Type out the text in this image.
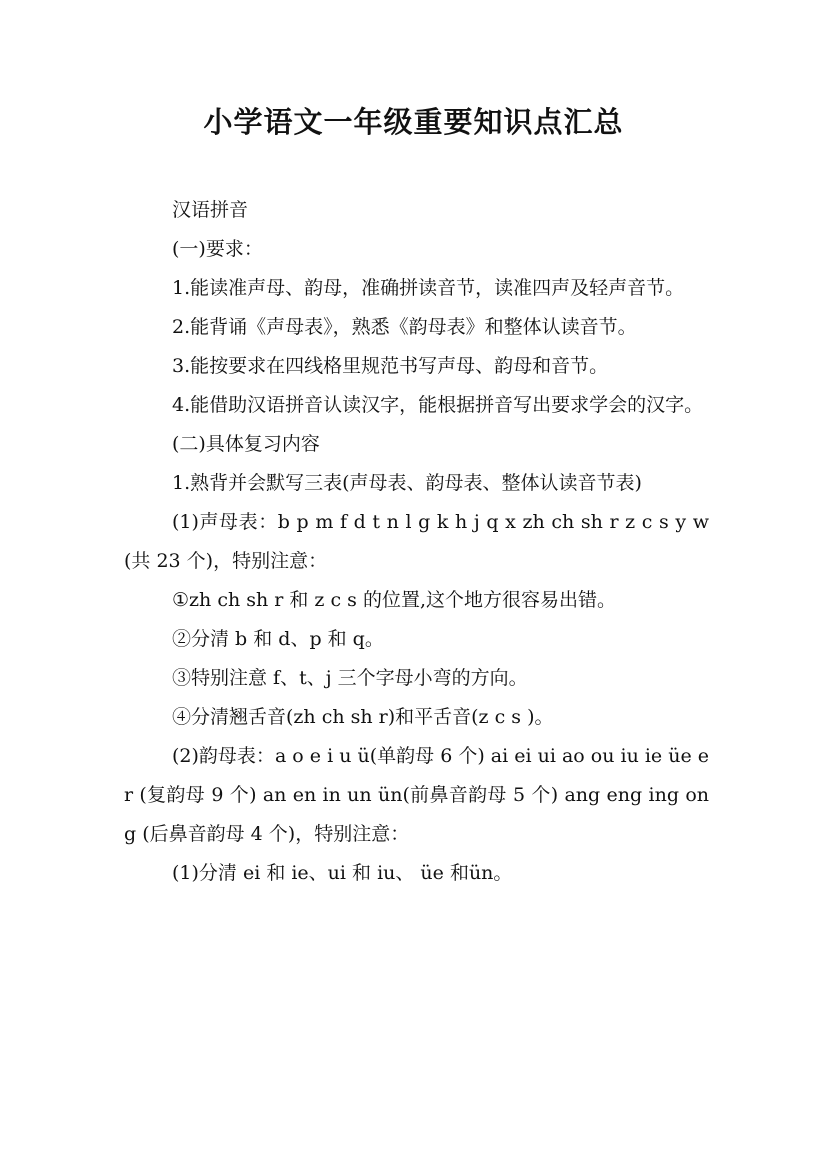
小学语文一年级重要知识点汇总

汉语拼音

(一)要求：

1.能读准声母、韵母，准确拼读音节，读准四声及轻声音节。

2.能背诵《声母表》，熟悉《韵母表》和整体认读音节。

3.能按要求在四线格里规范书写声母、韵母和音节。

4.能借助汉语拼音认读汉字，能根据拼音写出要求学会的汉字。

(二)具体复习内容

1.熟背并会默写三表(声母表、韵母表、整体认读音节表)

(1)声母表：b p m f d t n l g k h j q x zh ch sh r z c s y w (共 23 个)，特别注意：

①zh ch sh r 和 z c s 的位置,这个地方很容易出错。

②分清 b 和 d、p 和 q。

③特别注意 f、t、j 三个字母小弯的方向。

④分清翘舌音(zh ch sh r)和平舌音(z c s )。

(2)韵母表：a o e i u ü(单韵母 6 个) ai ei ui ao ou iu ie üe er (复韵母 9 个) an en in un ün(前鼻音韵母 5 个) ang eng ing ong (后鼻音韵母 4 个)，特别注意：

(1)分清 ei 和 ie、ui 和 iu、 üe 和ün。
